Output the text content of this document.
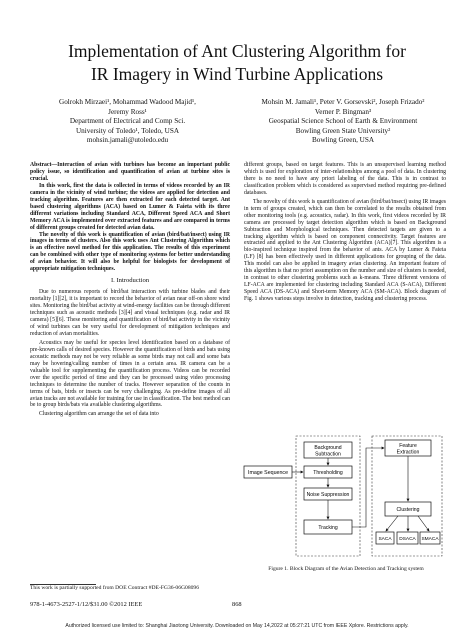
Implementation of Ant Clustering Algorithm for
IR Imagery in Wind Turbine Applications
Golrokh Mirzaei¹, Mohammad Wadood Majid¹,
Jeremy Ross¹
Department of Electrical and Comp Sci.
University of Toledo¹, Toledo, USA
mohsin.jamali@utoledo.edu
Mohsin M. Jamali¹, Peter V. Gorsevski², Joseph Frizado²
Verner P. Bingman³
Geospatial Science School of Earth & Environment
Bowling Green State University²
Bowling Green, USA

Abstract—Interaction of avian with turbines has become an important public policy issue, so identification and quantification of avian at turbine sites is crucial.

In this work, first the data is collected in terms of videos recorded by an IR camera in the vicinity of wind turbine; the videos are applied for detection and tracking algorithm. Features are then extracted for each detected target. Ant based clustering algorithms (ACA) based on Lumer & Faieta with its three different variations including Standard ACA, Different Speed ACA and Short Memory ACA is implemented over extracted features and are compared in terms of different groups created for detected avian data.

The novelty of this work is quantification of avian (bird/bat/insect) using IR images in terms of clusters. Also this work uses Ant Clustering Algorithm which is an effective novel method for this application. The results of this experiment can be combined with other type of monitoring systems for better understanding of avian behavior. It will also be helpful for biologists for development of appropriate mitigation techniques.

I. Introduction

Due to numerous reports of bird/bat interaction with turbine blades and their mortality [1][2], it is important to record the behavior of avian near off-on shore wind sites. Monitoring the bird/bat activity at wind-energy facilities can be through different techniques such as acoustic methods [3][4] and visual techniques (e.g. radar and IR camera) [5][6]. These monitoring and quantification of bird/bat activity in the vicinity of wind turbines can be very useful for development of mitigation techniques and reduction of avian mortalities.

Acoustics may be useful for species level identification based on a database of pre-known calls of desired species. However the quantification of birds and bats using acoustic methods may not be very reliable as some birds may not call and some bats may be hovering/calling number of times in a certain area. IR camera can be a valuable tool for supplementing the quantification process. Videos can be recorded over the specific period of time and they can be processed using video processing techniques to determine the number of tracks. However separation of the counts in terms of bats, birds or insects can be very challenging. As pre-define images of all avian tracks are not available for training for use in classification. The best method can be to group birds/bats via available clustering algorithms.

Clustering algorithm can arrange the set of data into

This work is partially supported from DOE Contract #DE-FG36-06G08096

different groups, based on target features. This is an unsupervised learning method which is used for exploration of inter-relationships among a pool of data. In clustering there is no need to have any priori labeling of the data. This is in contrast to classification problem which is considered as supervised method requiring pre-defined databases.

The novelty of this work is quantification of avian (bird/bat/insect) using IR images in term of groups created, which can then be correlated to the results obtained from other monitoring tools (e.g. acoustics, radar). In this work, first videos recorded by IR camera are processed by target detection algorithm which is based on Background Subtraction and Morphological techniques. Then detected targets are given to a tracking algorithm which is based on component connectivity. Target features are extracted and applied to the Ant Clustering Algorithm (ACA)[7]. This algorithm is a bio-inspired technique inspired from the behavior of ants. ACA by Lumer & Faieta (LF) [8] has been effectively used in different applications for grouping of the data. This model can also be applied in imagery avian clustering. An important feature of this algorithm is that no priori assumption on the number and size of clusters is needed, in contrast to other clustering problems such as k-means. Three different versions of LF-ACA are implemented for clustering including Standard ACA (S-ACA), Different Speed ACA (DS-ACA) and Short-term Memory ACA (SM-ACA). Block diagram of Fig. 1 shows various steps involve in detection, tracking and clustering process.

Image Sequence
Background
Subtraction
Thresholding
Noise Suppression
Tracking
Feature
Extraction
Clustering
SACA DSACA SMACA
Figure 1. Block Diagram of the Avian Detection and Tracking system
978-1-4673-2527-1/12/$31.00 ©2012 IEEE	868
Authorized licensed use limited to: Shanghai Jiaotong University. Downloaded on May 14,2022 at 05:27:21 UTC from IEEE Xplore. Restrictions apply.
